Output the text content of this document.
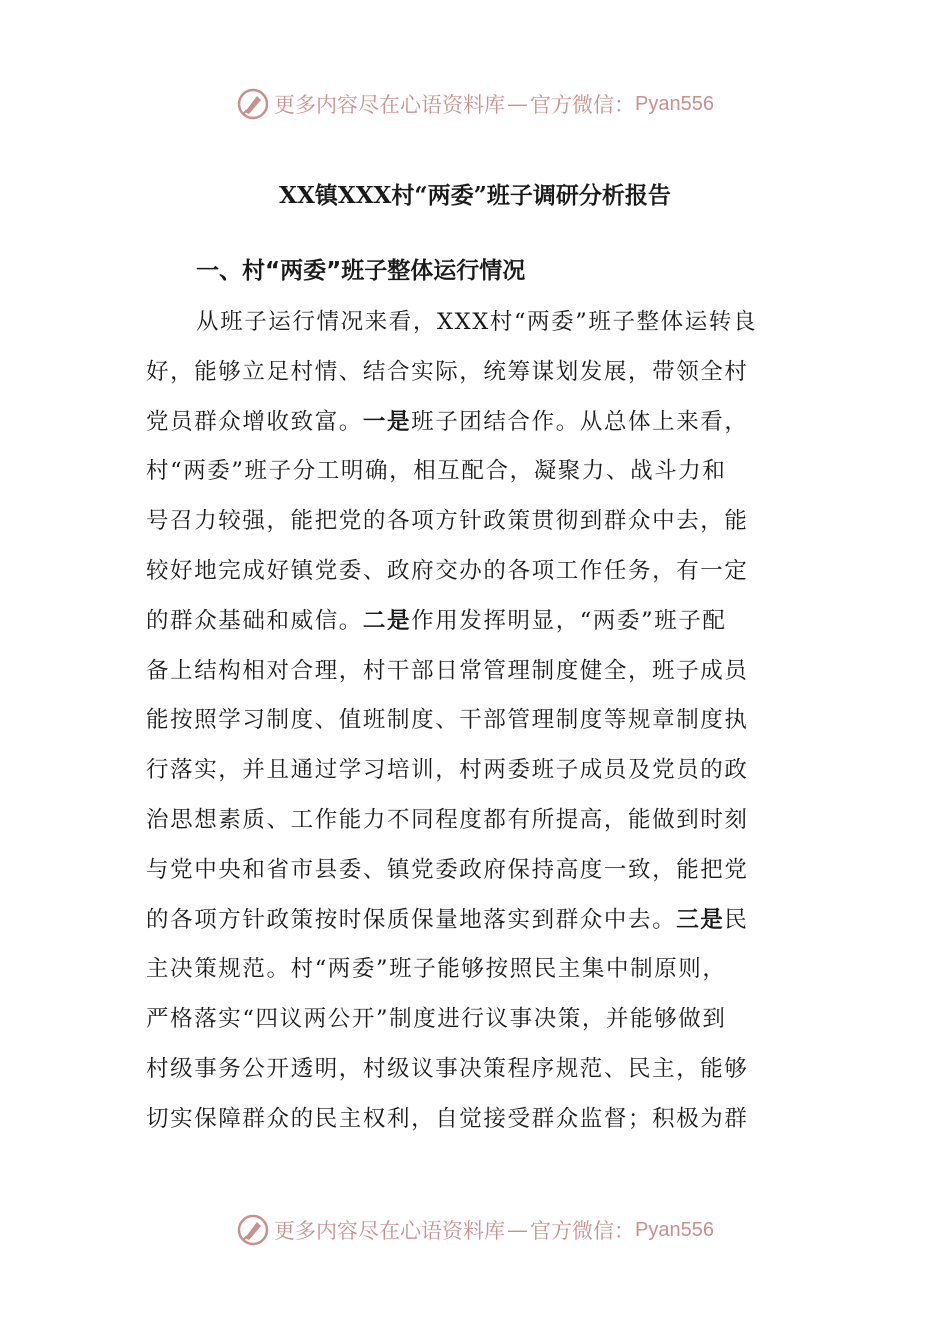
更多内容尽在心语资料库 — 官方微信： Pyan556
XX镇XXX村“两委”班子调研分析报告
一、村“两委”班子整体运行情况
从班子运行情况来看，XXX村“两委”班子整体运转良
好，能够立足村情、结合实际，统筹谋划发展，带领全村
党员群众增收致富。一是班子团结合作。从总体上来看，
村“两委”班子分工明确，相互配合，凝聚力、战斗力和
号召力较强，能把党的各项方针政策贯彻到群众中去，能
较好地完成好镇党委、政府交办的各项工作任务，有一定
的群众基础和威信。二是作用发挥明显，“两委”班子配
备上结构相对合理，村干部日常管理制度健全，班子成员
能按照学习制度、值班制度、干部管理制度等规章制度执
行落实，并且通过学习培训，村两委班子成员及党员的政
治思想素质、工作能力不同程度都有所提高，能做到时刻
与党中央和省市县委、镇党委政府保持高度一致，能把党
的各项方针政策按时保质保量地落实到群众中去。三是民
主决策规范。村“两委”班子能够按照民主集中制原则，
严格落实“四议两公开”制度进行议事决策，并能够做到
村级事务公开透明，村级议事决策程序规范、民主，能够
切实保障群众的民主权利，自觉接受群众监督；积极为群
更多内容尽在心语资料库 — 官方微信： Pyan556
